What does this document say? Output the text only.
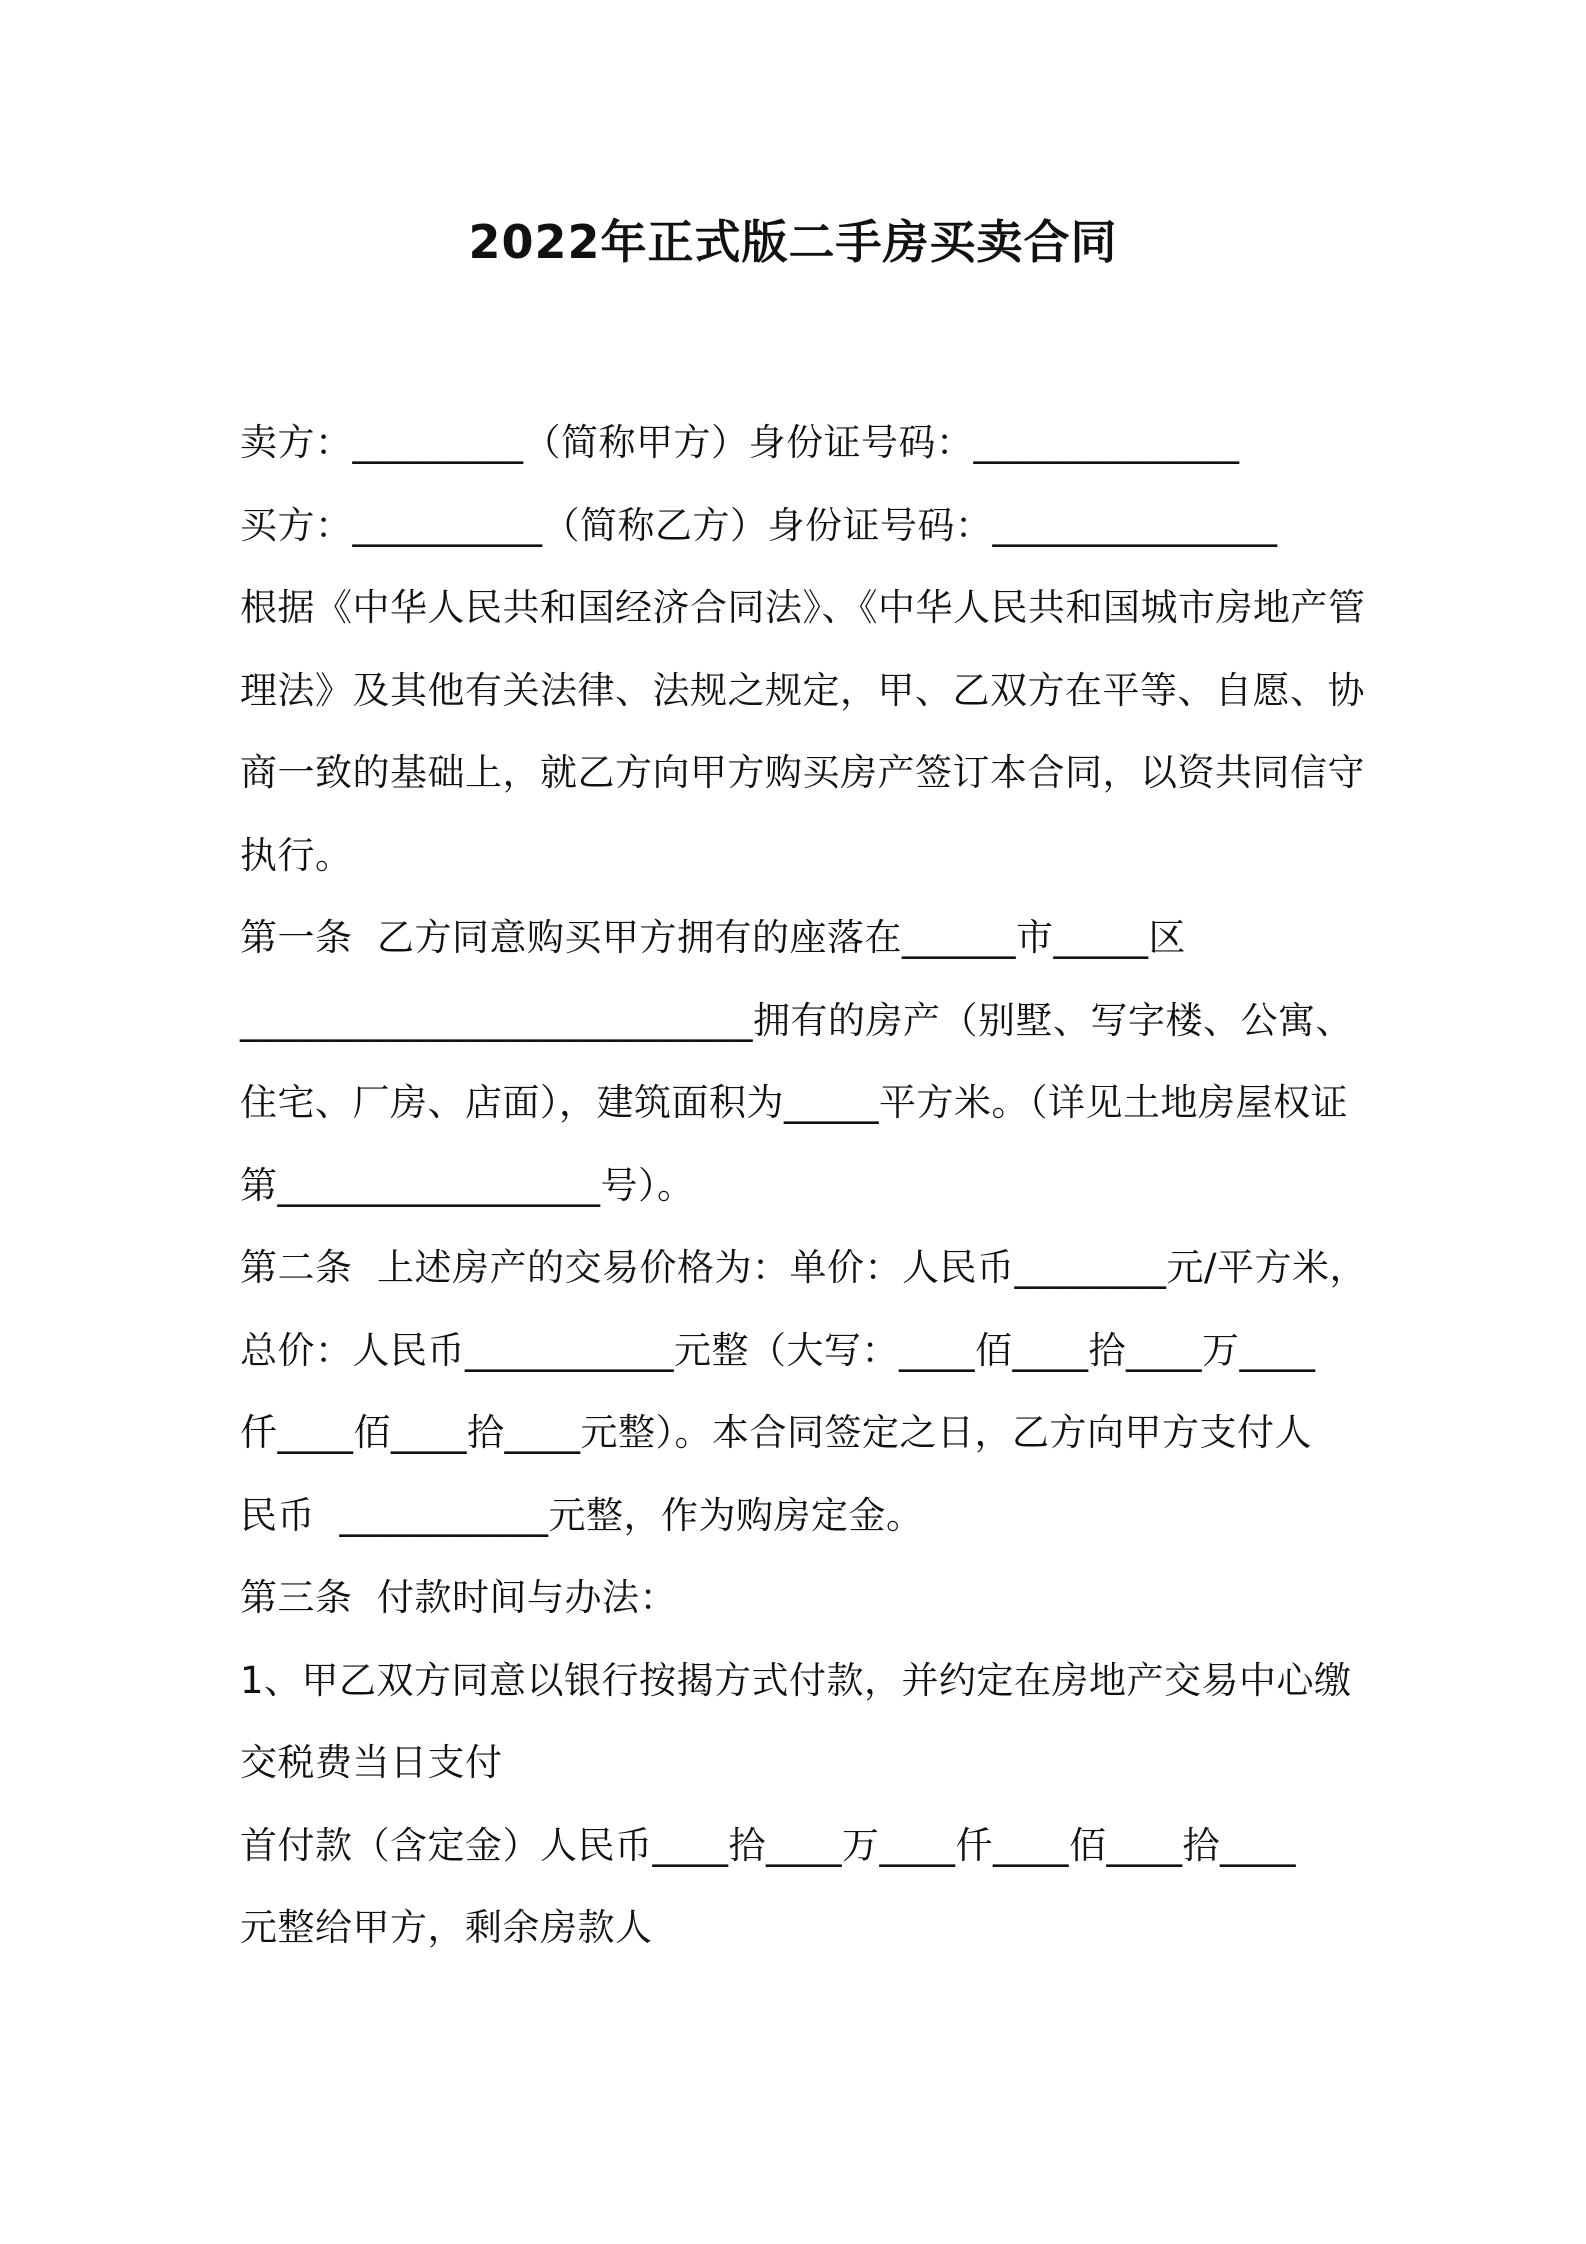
2022年正式版二手房买卖合同
卖方：_________（简称甲方）身份证号码：______________
买方：__________（简称乙方）身份证号码：_______________
根据《中华人民共和国经济合同法》、《中华人民共和国城市房地产管
理法》及其他有关法律、法规之规定，甲、乙双方在平等、自愿、协
商一致的基础上，就乙方向甲方购买房产签订本合同，以资共同信守
执行。
第一条  乙方同意购买甲方拥有的座落在______市_____区
___________________________拥有的房产（别墅、写字楼、公寓、
住宅、厂房、店面），建筑面积为_____平方米。（详见土地房屋权证
第_________________号）。
第二条  上述房产的交易价格为：单价：人民币________元/平方米，
总价：人民币___________元整（大写：____佰____拾____万____
仟____佰____拾____元整）。本合同签定之日，乙方向甲方支付人
民币  ___________元整，作为购房定金。
第三条  付款时间与办法：
1、甲乙双方同意以银行按揭方式付款，并约定在房地产交易中心缴
交税费当日支付
首付款（含定金）人民币____拾____万____仟____佰____拾____
元整给甲方，剩余房款人
